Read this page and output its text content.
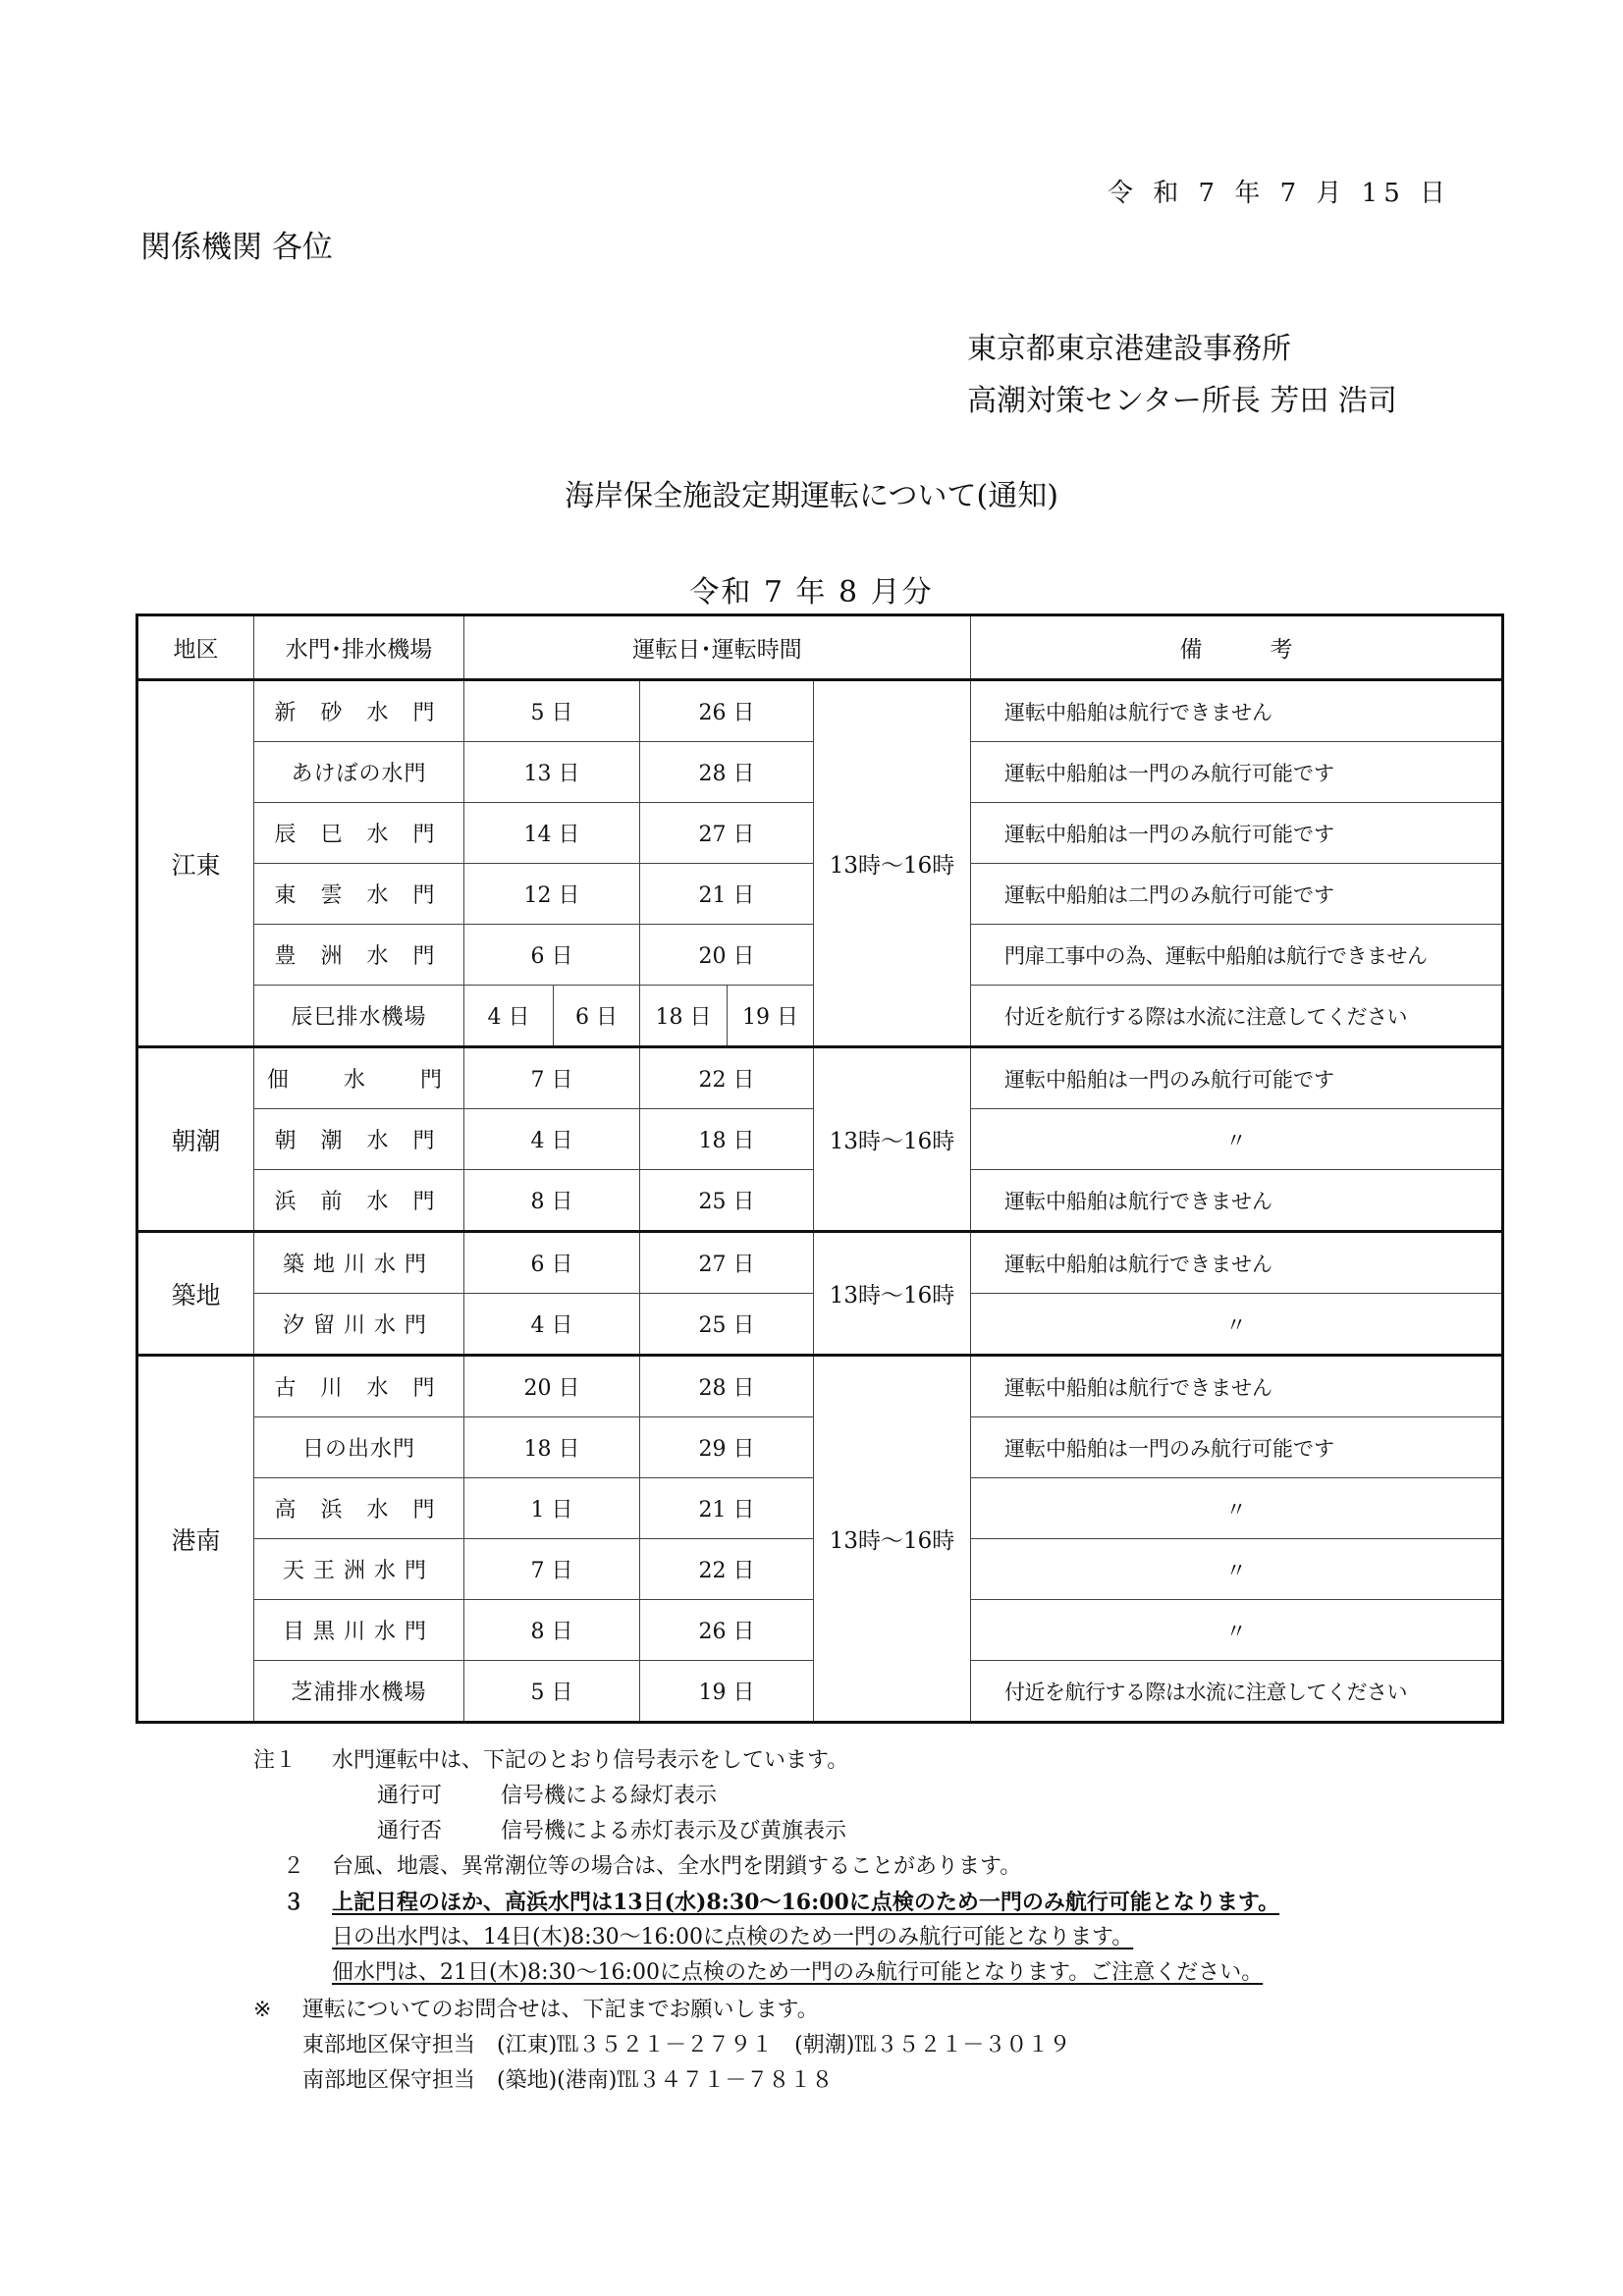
令 和 7 年 7 月 15 日
関係機関 各位
東京都東京港建設事務所
高潮対策センター所長 芳田 浩司
海岸保全施設定期運転について(通知)
令和 7 年 8 月分
地区	水門･排水機場	運転日･運転時間					備　　　考
江東	新 砂 水 門	5 日		26 日		13時～16時	運転中船舶は航行できません
	あけぼの水門	13 日		28 日			運転中船舶は一門のみ航行可能です
	辰 巳 水 門	14 日		27 日			運転中船舶は一門のみ航行可能です
	東 雲 水 門	12 日		21 日			運転中船舶は二門のみ航行可能です
	豊 洲 水 門	6 日		20 日			門扉工事中の為、運転中船舶は航行できません
	辰巳排水機場	4 日	6 日	18 日	19 日		付近を航行する際は水流に注意してください
朝潮	佃　 水　 門	7 日		22 日		13時～16時	運転中船舶は一門のみ航行可能です
	朝 潮 水 門	4 日		18 日			〃
	浜 前 水 門	8 日		25 日			運転中船舶は航行できません
築地	築地川水門	6 日		27 日		13時～16時	運転中船舶は航行できません
	汐留川水門	4 日		25 日			〃
港南	古 川 水 門	20 日		28 日		13時～16時	運転中船舶は航行できません
	日の出水門	18 日		29 日			運転中船舶は一門のみ航行可能です
	高 浜 水 門	1 日		21 日			〃
	天王洲水門	7 日		22 日			〃
	目黒川水門	8 日		26 日			〃
	芝浦排水機場	5 日		19 日			付近を航行する際は水流に注意してください
注１ 水門運転中は、下記のとおり信号表示をしています。
通行可	信号機による緑灯表示
通行否	信号機による赤灯表示及び黄旗表示
２ 台風、地震、異常潮位等の場合は、全水門を閉鎖することがあります。
３ 上記日程のほか、高浜水門は13日(水)8:30～16:00に点検のため一門のみ航行可能となります。
日の出水門は、14日(木)8:30～16:00に点検のため一門のみ航行可能となります。
佃水門は、21日(木)8:30～16:00に点検のため一門のみ航行可能となります。ご注意ください。
※ 運転についてのお問合せは、下記までお願いします。
東部地区保守担当　(江東)℡３５２１－２７９１　(朝潮)℡３５２１－３０１９
南部地区保守担当　(築地)(港南)℡３４７１－７８１８
